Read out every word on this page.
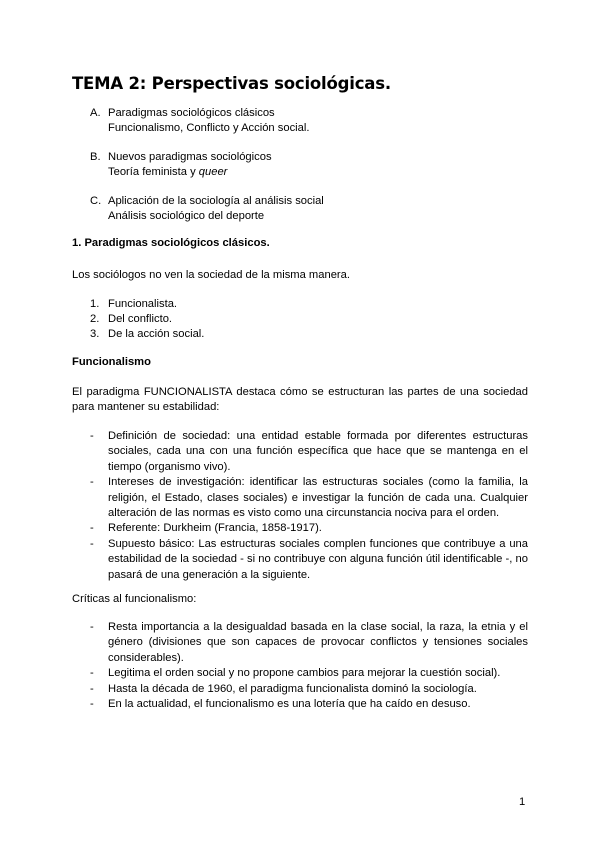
TEMA 2: Perspectivas sociológicas.
A. Paradigmas sociológicos clásicos
Funcionalismo, Conflicto y Acción social.
B. Nuevos paradigmas sociológicos
Teoría feminista y queer
C. Aplicación de la sociología al análisis social
Análisis sociológico del deporte
1. Paradigmas sociológicos clásicos.
Los sociólogos no ven la sociedad de la misma manera.
1. Funcionalista.
2. Del conflicto.
3. De la acción social.
Funcionalismo
El paradigma FUNCIONALISTA destaca cómo se estructuran las partes de una sociedad para mantener su estabilidad:
- Definición de sociedad: una entidad estable formada por diferentes estructuras sociales, cada una con una función específica que hace que se mantenga en el tiempo (organismo vivo).
- Intereses de investigación: identificar las estructuras sociales (como la familia, la religión, el Estado, clases sociales) e investigar la función de cada una. Cualquier alteración de las normas es visto como una circunstancia nociva para el orden.
- Referente: Durkheim (Francia, 1858-1917).
- Supuesto básico: Las estructuras sociales complen funciones que contribuye a una estabilidad de la sociedad - si no contribuye con alguna función útil identificable -, no pasará de una generación a la siguiente.
Críticas al funcionalismo:
- Resta importancia a la desigualdad basada en la clase social, la raza, la etnia y el género (divisiones que son capaces de provocar conflictos y tensiones sociales considerables).
- Legitima el orden social y no propone cambios para mejorar la cuestión social).
- Hasta la década de 1960, el paradigma funcionalista dominó la sociología.
- En la actualidad, el funcionalismo es una lotería que ha caído en desuso.
1
